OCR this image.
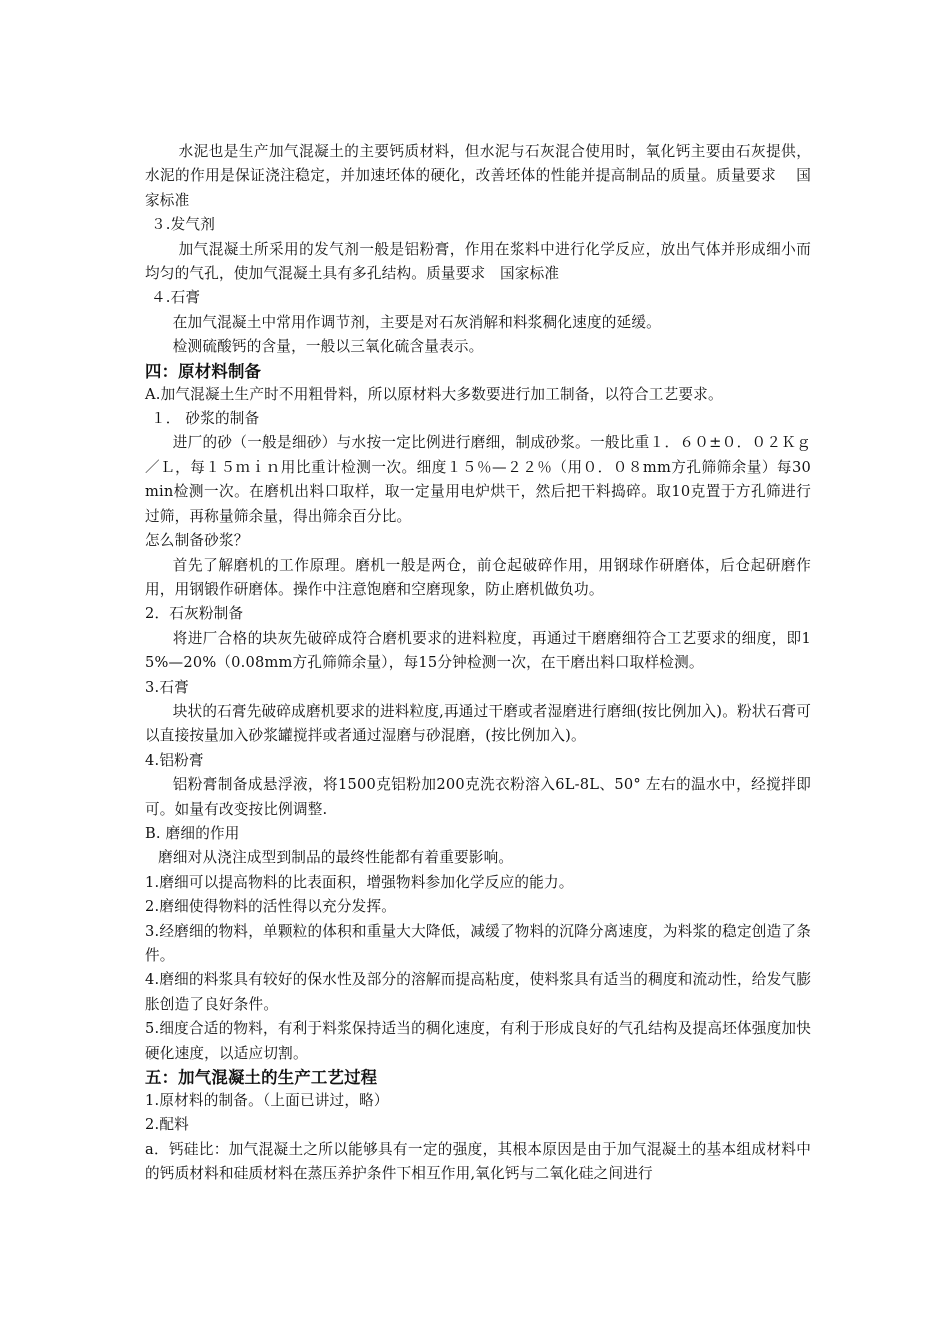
水泥也是生产加气混凝土的主要钙质材料，但水泥与石灰混合使用时，氧化钙主要由石灰提供，水泥的作用是保证浇注稳定，并加速坯体的硬化，改善坯体的性能并提高制品的质量。质量要求　 国家标准

３.发气剂

加气混凝土所采用的发气剂一般是铝粉膏，作用在浆料中进行化学反应，放出气体并形成细小而均匀的气孔，使加气混凝土具有多孔结构。质量要求　国家标准

４.石膏

在加气混凝土中常用作调节剂，主要是对石灰消解和料浆稠化速度的延缓。

检测硫酸钙的含量，一般以三氧化硫含量表示。

四：原材料制备

A.加气混凝土生产时不用粗骨料，所以原材料大多数要进行加工制备，以符合工艺要求。

１． 砂浆的制备

进厂的砂（一般是细砂）与水按一定比例进行磨细，制成砂浆。一般比重１．６０±０．０２Ｋｇ／Ｌ，每１５ｍｉｎ用比重计检测一次。细度１５％—２２％（用０．０８mm方孔筛筛余量）每30min检测一次。在磨机出料口取样，取一定量用电炉烘干，然后把干料捣碎。取10克置于方孔筛进行过筛，再称量筛余量，得出筛余百分比。

怎么制备砂浆？

首先了解磨机的工作原理。磨机一般是两仓，前仓起破碎作用，用钢球作研磨体，后仓起研磨作用，用钢锻作研磨体。操作中注意饱磨和空磨现象，防止磨机做负功。

2．石灰粉制备

将进厂合格的块灰先破碎成符合磨机要求的进料粒度，再通过干磨磨细符合工艺要求的细度，即15%—20%（0.08mm方孔筛筛余量），每15分钟检测一次，在干磨出料口取样检测。

3.石膏

块状的石膏先破碎成磨机要求的进料粒度,再通过干磨或者湿磨进行磨细(按比例加入)。粉状石膏可以直接按量加入砂浆罐搅拌或者通过湿磨与砂混磨，(按比例加入)。

4.铝粉膏

铝粉膏制备成悬浮液，将1500克铝粉加200克洗衣粉溶入6L-8L、50° 左右的温水中，经搅拌即可。如量有改变按比例调整.

B. 磨细的作用

磨细对从浇注成型到制品的最终性能都有着重要影响。

1.磨细可以提高物料的比表面积，增强物料参加化学反应的能力。

2.磨细使得物料的活性得以充分发挥。

3.经磨细的物料，单颗粒的体积和重量大大降低，减缓了物料的沉降分离速度，为料浆的稳定创造了条件。

4.磨细的料浆具有较好的保水性及部分的溶解而提高粘度，使料浆具有适当的稠度和流动性，给发气膨胀创造了良好条件。

5.细度合适的物料，有利于料浆保持适当的稠化速度，有利于形成良好的气孔结构及提高坯体强度加快硬化速度，以适应切割。

五：加气混凝土的生产工艺过程

1.原材料的制备。（上面已讲过，略）

2.配料

a．钙硅比：加气混凝土之所以能够具有一定的强度，其根本原因是由于加气混凝土的基本组成材料中的钙质材料和硅质材料在蒸压养护条件下相互作用,氧化钙与二氧化硅之间进行
